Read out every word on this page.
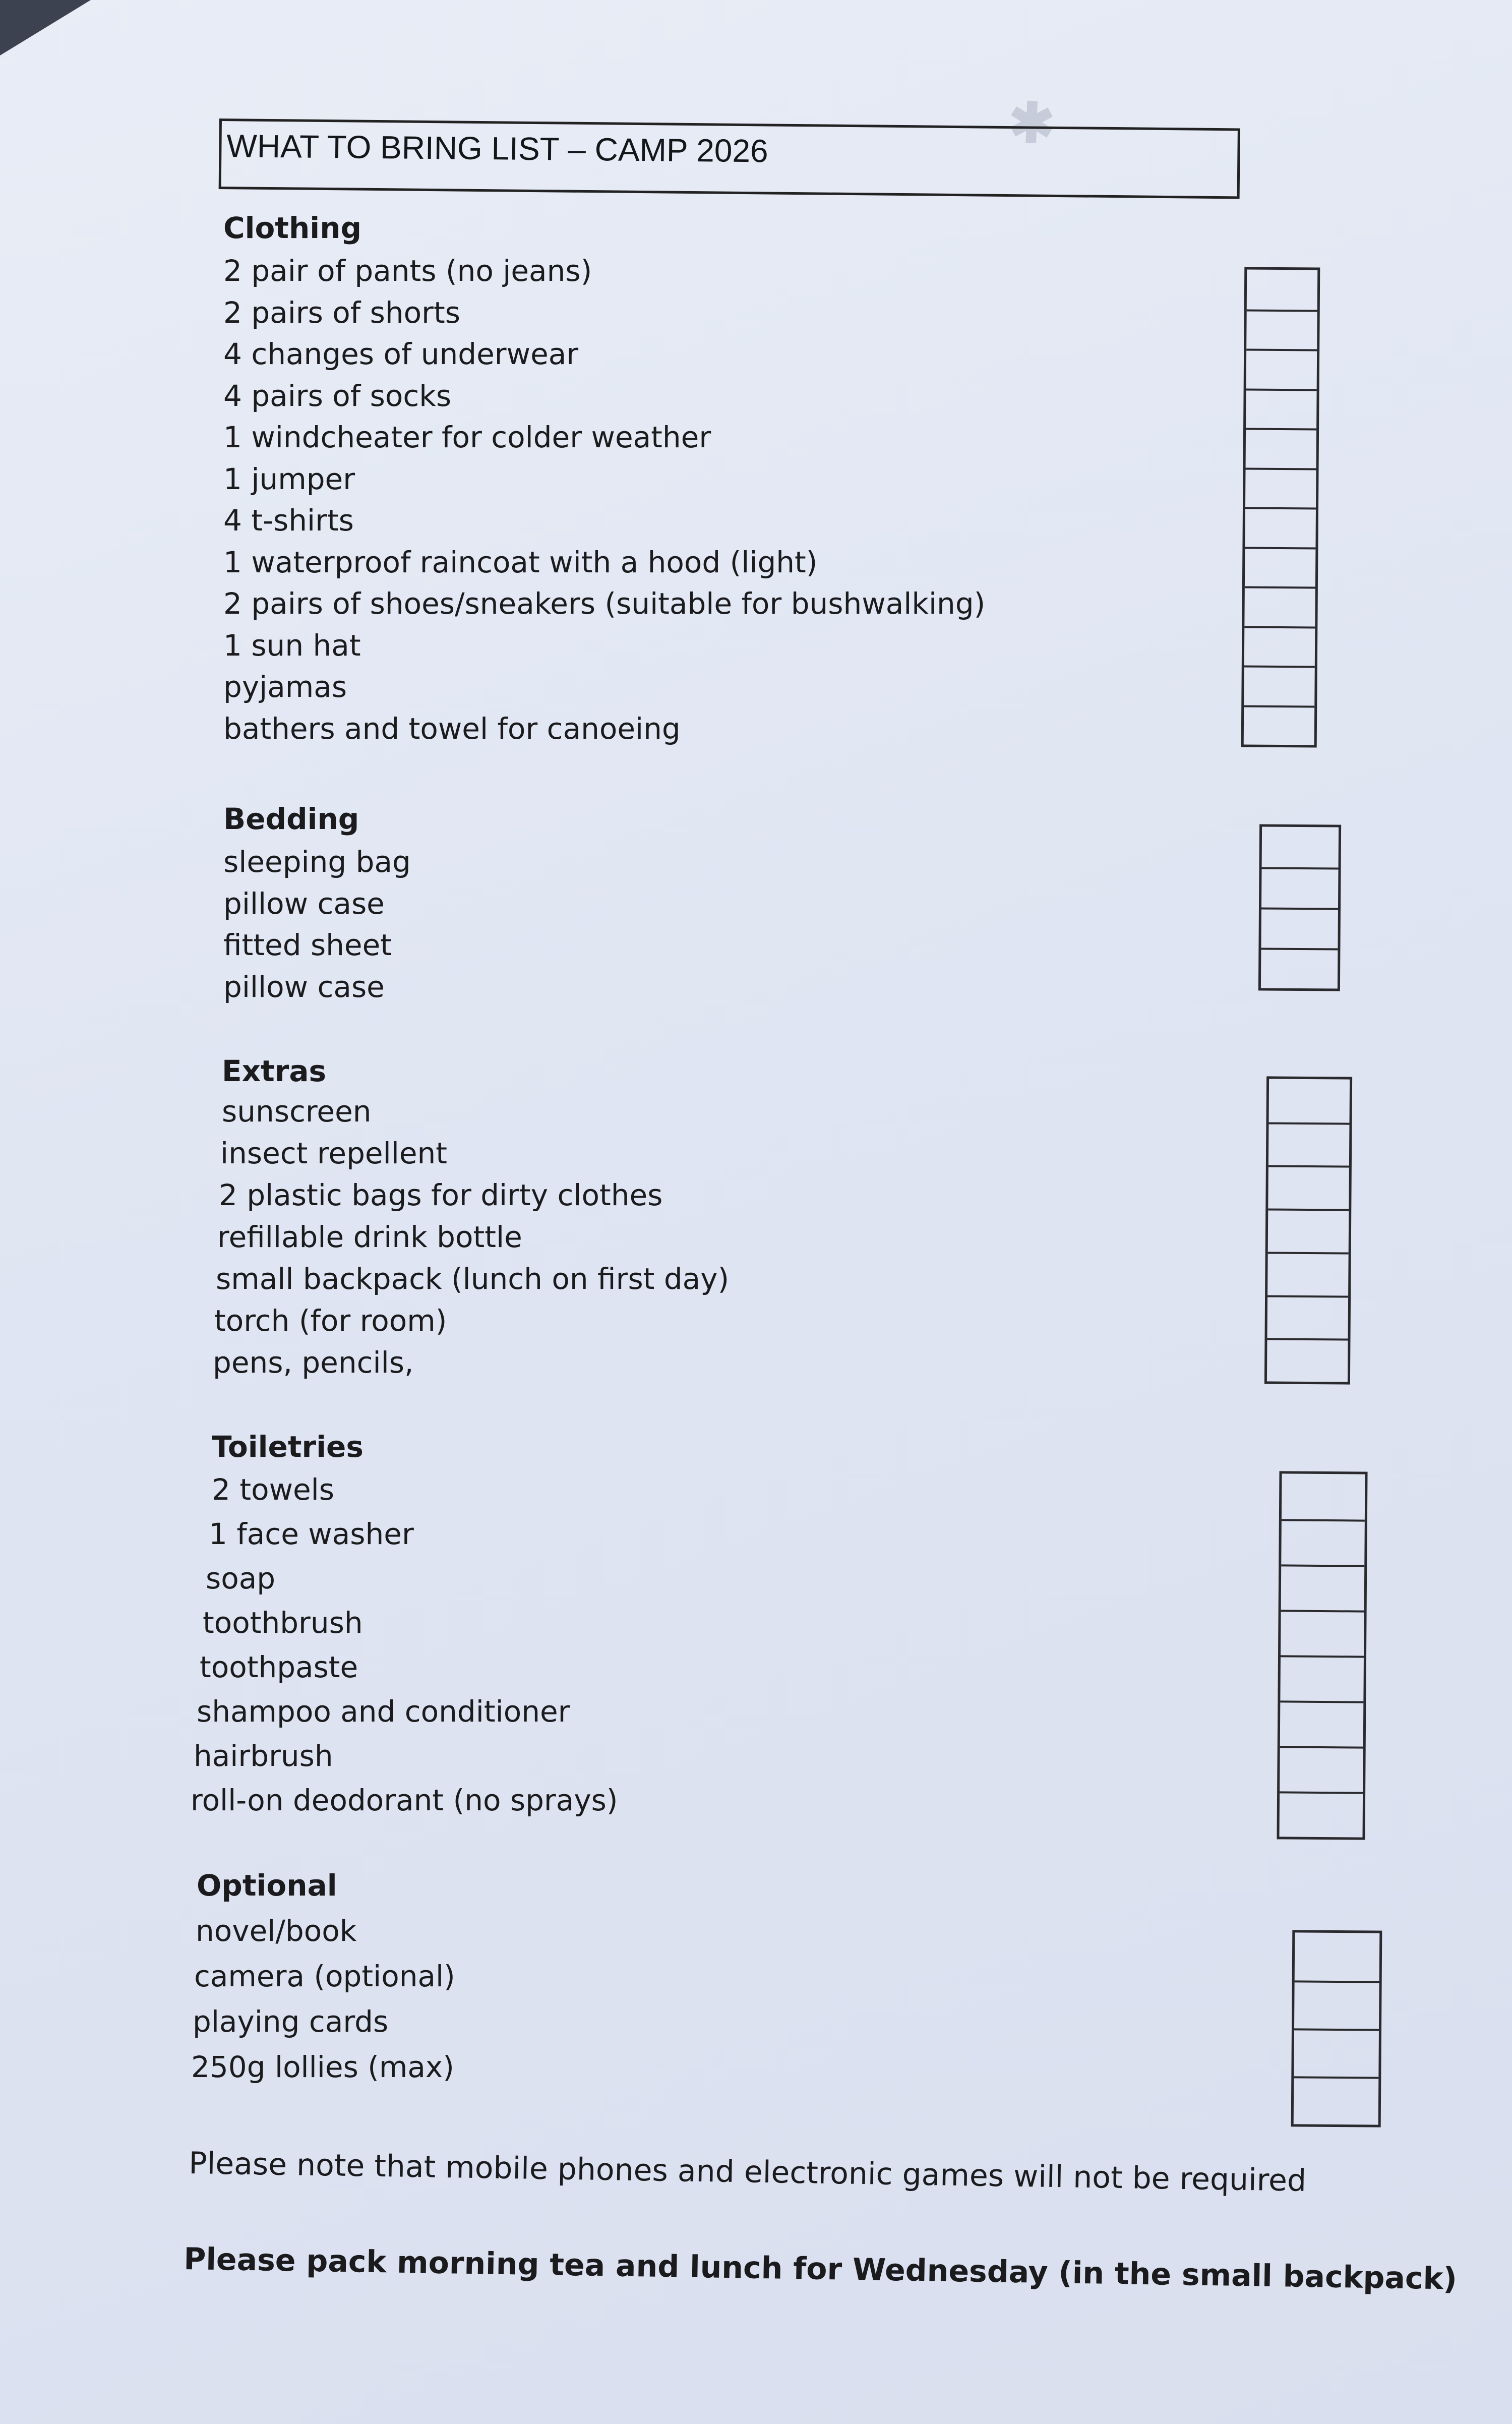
✱
WHAT TO BRING LIST – CAMP 2026
Clothing
2 pair of pants (no jeans)
2 pairs of shorts
4 changes of underwear
4 pairs of socks
1 windcheater for colder weather
1 jumper
4 t-shirts
1 waterproof raincoat with a hood (light)
2 pairs of shoes/sneakers (suitable for bushwalking)
1 sun hat
pyjamas
bathers and towel for canoeing
Bedding
sleeping bag
pillow case
fitted sheet
pillow case
Extras
sunscreen
insect repellent
2 plastic bags for dirty clothes
refillable drink bottle
small backpack (lunch on first day)
torch (for room)
pens, pencils,
Toiletries
2 towels
1 face washer
soap
toothbrush
toothpaste
shampoo and conditioner
hairbrush
roll-on deodorant (no sprays)
Optional
novel/book
camera (optional)
playing cards
250g lollies (max)
Please note that mobile phones and electronic games will not be required
Please pack morning tea and lunch for Wednesday (in the small backpack)
